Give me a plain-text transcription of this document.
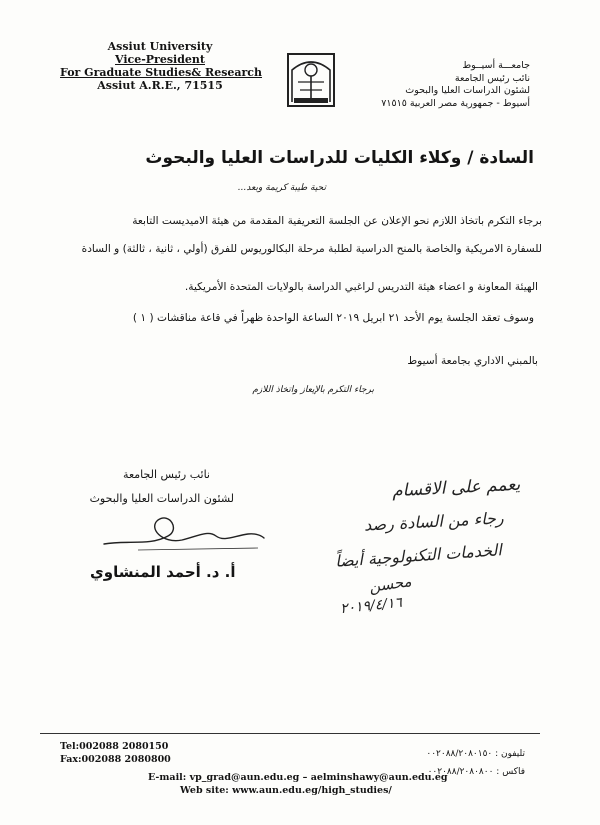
Assiut University
Vice-President
For Graduate Studies& Research
Assiut A.R.E., 71515
جامعـــة أسيــوط
نائب رئيس الجامعة
لشئون الدراسات العليا والبحوث
أسيوط - جمهورية مصر العربية ٧١٥١٥
السادة / وكلاء الكليات للدراسات العليا والبحوث
تحية طيبة كريمة وبعد...
برجاء التكرم باتخاذ اللازم نحو الإعلان عن الجلسة التعريفية المقدمة من هيئة الاميديست التابعة
للسفارة الامريكية والخاصة بالمنح الدراسية لطلبة مرحلة البكالوريوس للفرق (أولي ، ثانية ، ثالثة) و السادة
الهيئة المعاونة و اعضاء هيئة التدريس لراغبي الدراسة بالولايات المتحدة الأمريكية.
وسوف تعقد الجلسة يوم الأحد ٢١ ابريل ٢٠١٩ الساعة الواحدة ظهراً في قاعة مناقشات ( ١ )
بالمبني الاداري بجامعة أسيوط
برجاء التكرم بالإيعاز واتخاذ اللازم
نائب رئيس الجامعة
لشئون الدراسات العليا والبحوث
أ. د. أحمد المنشاوي
يعمم على الاقسام
رجاء من السادة رصد
الخدمات التكنولوجية أيضاً
محسن
٢٠١٩/٤/١٦
Tel:002088 2080150
Fax:002088 2080800
E-mail: vp_grad@aun.edu.eg – aelminshawy@aun.edu.eg
Web site: www.aun.edu.eg/high_studies/
تليفون : ٠٠٢٠٨٨/٢٠٨٠١٥٠
فاكس : ٠٠٢٠٨٨/٢٠٨٠٨٠٠
